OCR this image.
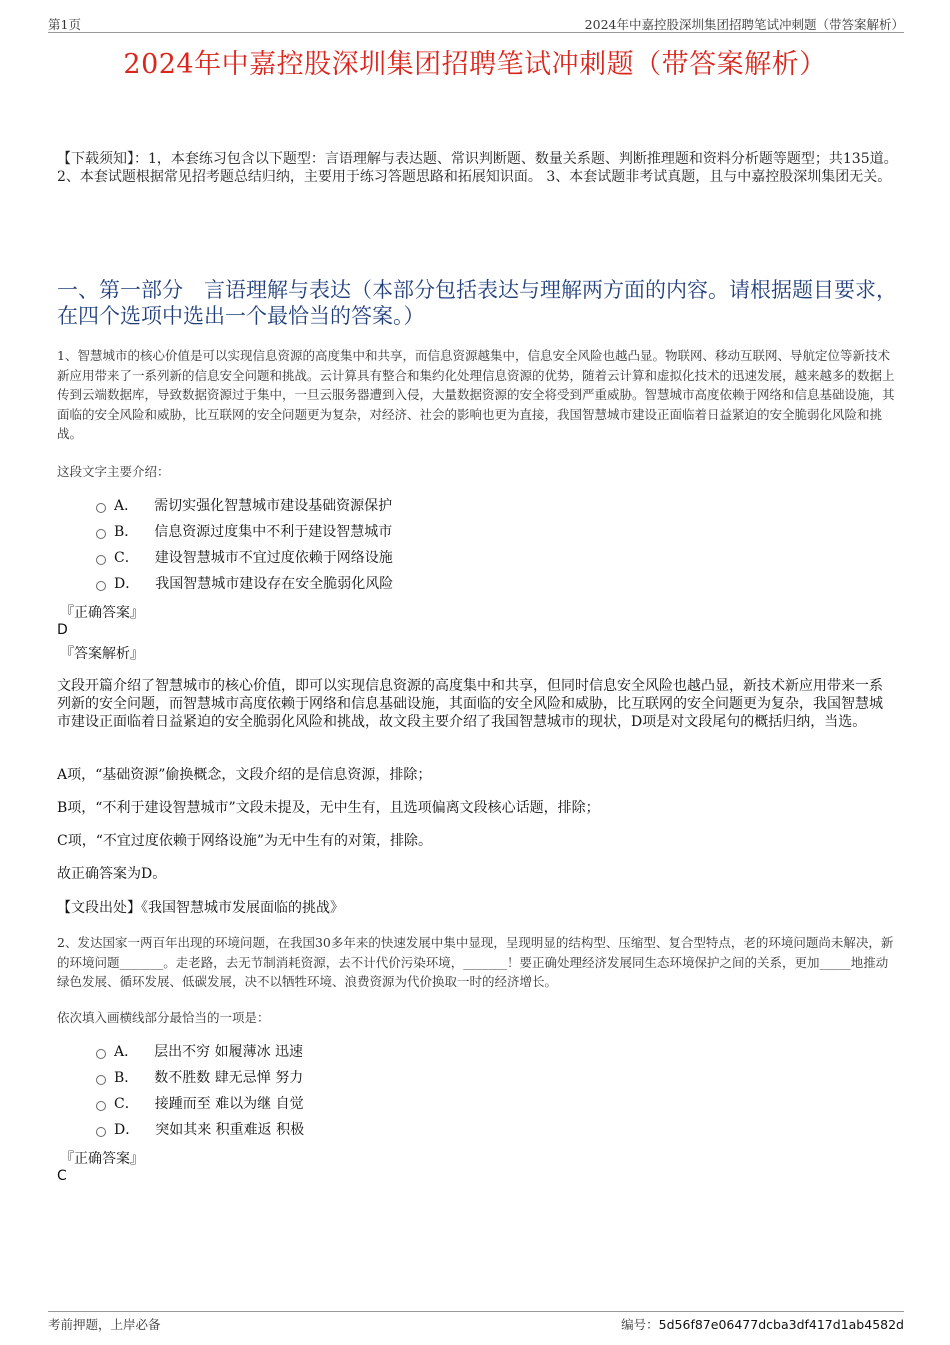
第1页	2024年中嘉控股深圳集团招聘笔试冲刺题（带答案解析）
2024年中嘉控股深圳集团招聘笔试冲刺题（带答案解析）
【下载须知】：1，本套练习包含以下题型：言语理解与表达题、常识判断题、数量关系题、判断推理题和资料分析题等题型；共135道。 2、本套试题根据常见招考题总结归纳，主要用于练习答题思路和拓展知识面。 3、本套试题非考试真题，且与中嘉控股深圳集团无关。
一、第一部分　言语理解与表达（本部分包括表达与理解两方面的内容。请根据题目要求，在四个选项中选出一个最恰当的答案。）
1、智慧城市的核心价值是可以实现信息资源的高度集中和共享，而信息资源越集中，信息安全风险也越凸显。物联网、移动互联网、导航定位等新技术新应用带来了一系列新的信息安全问题和挑战。云计算具有整合和集约化处理信息资源的优势，随着云计算和虚拟化技术的迅速发展，越来越多的数据上传到云端数据库，导致数据资源过于集中，一旦云服务器遭到入侵，大量数据资源的安全将受到严重威胁。智慧城市高度依赖于网络和信息基础设施，其面临的安全风险和威胁，比互联网的安全问题更为复杂，对经济、社会的影响也更为直接，我国智慧城市建设正面临着日益紧迫的安全脆弱化风险和挑战。
这段文字主要介绍：
A． 需切实强化智慧城市建设基础资源保护
B． 信息资源过度集中不利于建设智慧城市
C． 建设智慧城市不宜过度依赖于网络设施
D． 我国智慧城市建设存在安全脆弱化风险
『正确答案』
D
『答案解析』
文段开篇介绍了智慧城市的核心价值，即可以实现信息资源的高度集中和共享，但同时信息安全风险也越凸显，新技术新应用带来一系列新的安全问题，而智慧城市高度依赖于网络和信息基础设施，其面临的安全风险和威胁，比互联网的安全问题更为复杂，我国智慧城市建设正面临着日益紧迫的安全脆弱化风险和挑战，故文段主要介绍了我国智慧城市的现状，D项是对文段尾句的概括归纳，当选。
A项，“基础资源”偷换概念，文段介绍的是信息资源，排除；
B项，“不利于建设智慧城市”文段未提及，无中生有，且选项偏离文段核心话题，排除；
C项，“不宜过度依赖于网络设施”为无中生有的对策，排除。
故正确答案为D。
【文段出处】《我国智慧城市发展面临的挑战》
2、发达国家一两百年出现的环境问题，在我国30多年来的快速发展中集中显现，呈现明显的结构型、压缩型、复合型特点，老的环境问题尚未解决，新的环境问题_______。走老路，去无节制消耗资源，去不计代价污染环境，_______！要正确处理经济发展同生态环境保护之间的关系，更加_____地推动绿色发展、循环发展、低碳发展，决不以牺牲环境、浪费资源为代价换取一时的经济增长。
依次填入画横线部分最恰当的一项是：
A． 层出不穷 如履薄冰 迅速
B． 数不胜数 肆无忌惮 努力
C． 接踵而至 难以为继 自觉
D． 突如其来 积重难返 积极
『正确答案』
C
考前押题，上岸必备	编号：5d56f87e06477dcba3df417d1ab4582d
